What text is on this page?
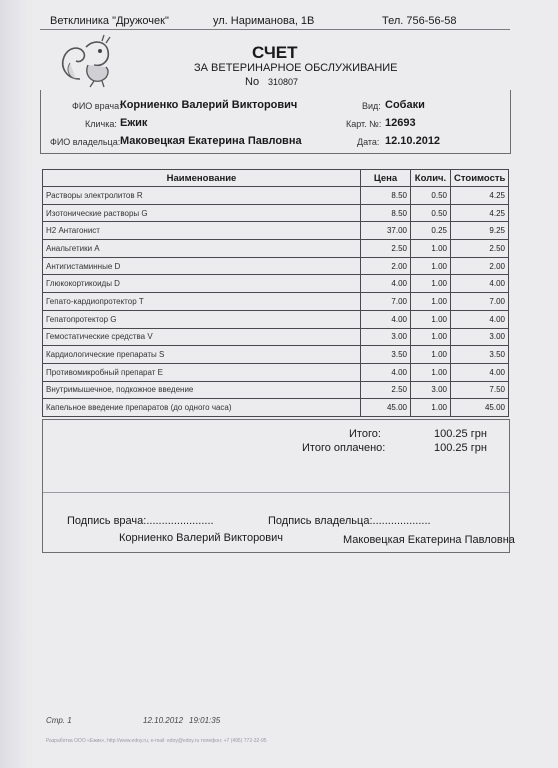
Ветклиника "Дружочек"	ул. Нариманова, 1В	Тел. 756-56-58
СЧЕТ
ЗА ВЕТЕРИНАРНОЕ ОБСЛУЖИВАНИЕ
No 310807
ФИО врача:
Корниенко Валерий Викторович
Кличка: Ежик
ФИО владельца: Маковецкая Екатерина Павловна
Вид: Собаки
Карт. №: 12693
Дата: 12.10.2012
Наименование	Цена	Колич.	Стоимость
Растворы электролитов R	8.50	0.50	4.25
Изотонические растворы G	8.50	0.50	4.25
Н2 Антагонист	37.00	0.25	9.25
Анальгетики А	2.50	1.00	2.50
Антигистаминные D	2.00	1.00	2.00
Глюкокортикоиды D	4.00	1.00	4.00
Гепато-кардиопротектор Т	7.00	1.00	7.00
Гепатопротектор G	4.00	1.00	4.00
Гемостатические средства V	3.00	1.00	3.00
Кардиологические препараты S	3.50	1.00	3.50
Противомикробный препарат Е	4.00	1.00	4.00
Внутримышечное, подкожное введение	2.50	3.00	7.50
Капельное введение препаратов (до одного часа)	45.00	1.00	45.00
Итого:	100.25 грн
Итого оплачено:	100.25 грн
Подпись врача:......................	Подпись владельца:...................
Корниенко Валерий Викторович	Маковецкая Екатерина Павловна
Стр. 1	12.10.2012 19:01:35
Разработка ООО «Ежик», http://www.edoy.ru, e-mail: edoy@edoy.ru телефон: +7 (495) 772-32-95
